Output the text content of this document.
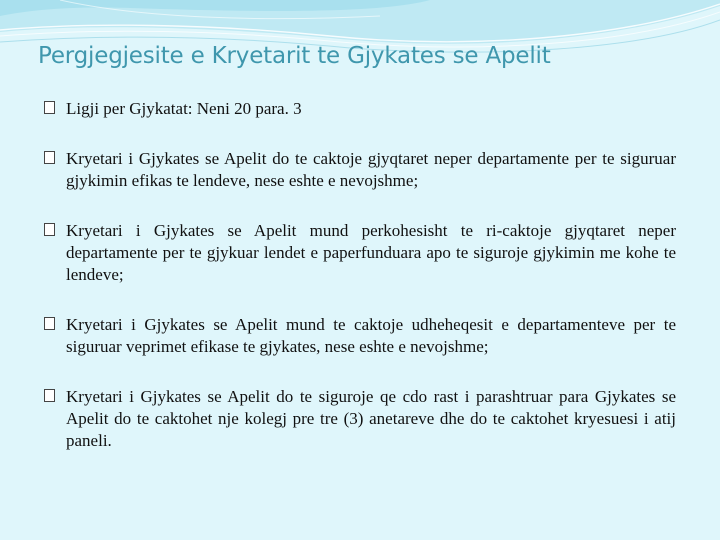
Pergjegjesite e Kryetarit te Gjykates se Apelit
Ligji per Gjykatat: Neni 20 para. 3
Kryetari i Gjykates se Apelit do te caktoje gjyqtaret neper departamente per te siguruar gjykimin efikas te lendeve, nese eshte e nevojshme;
Kryetari i Gjykates se Apelit mund perkohesisht te ri-caktoje gjyqtaret neper departamente per te gjykuar lendet e paperfunduara apo te siguroje gjykimin me kohe te lendeve;
Kryetari i Gjykates se Apelit mund te caktoje udheheqesit e departamenteve per te siguruar veprimet efikase te gjykates, nese eshte e nevojshme;
Kryetari i Gjykates se Apelit do te siguroje qe cdo rast i parashtruar para Gjykates se Apelit do te caktohet nje kolegj pre tre (3) anetareve dhe do te caktohet kryesuesi i atij paneli.
